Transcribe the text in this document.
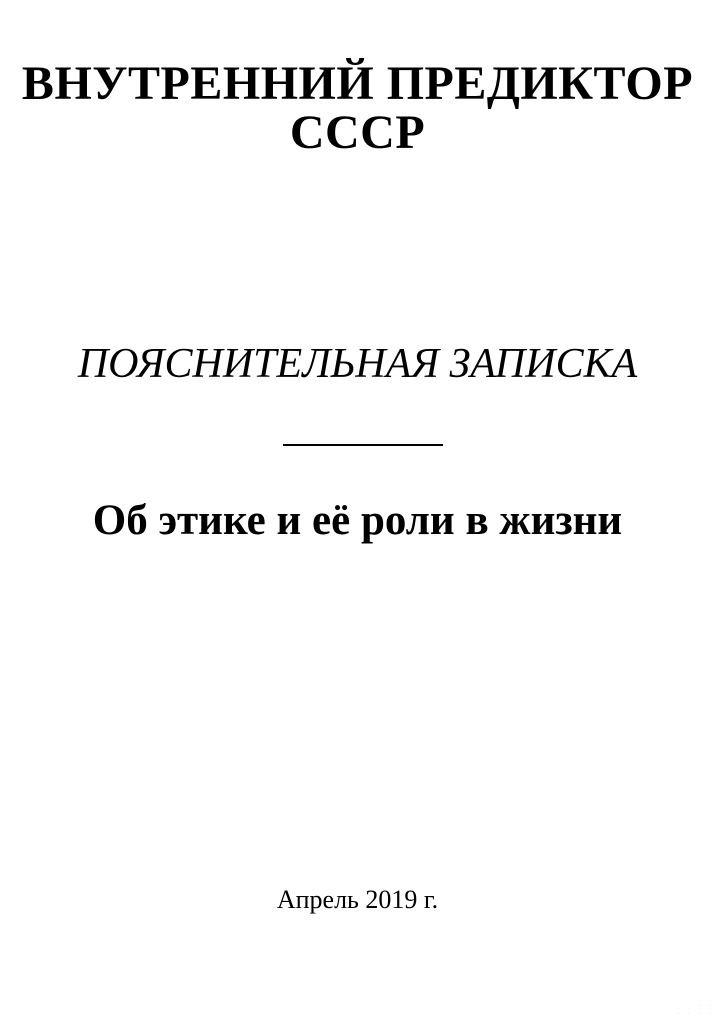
ВНУТРЕННИЙ ПРЕДИКТОР
СССР
ПОЯСНИТЕЛЬНАЯ ЗАПИСКА
Об этике и её роли в жизни
Апрель 2019 г.
· ·
· · · ·
